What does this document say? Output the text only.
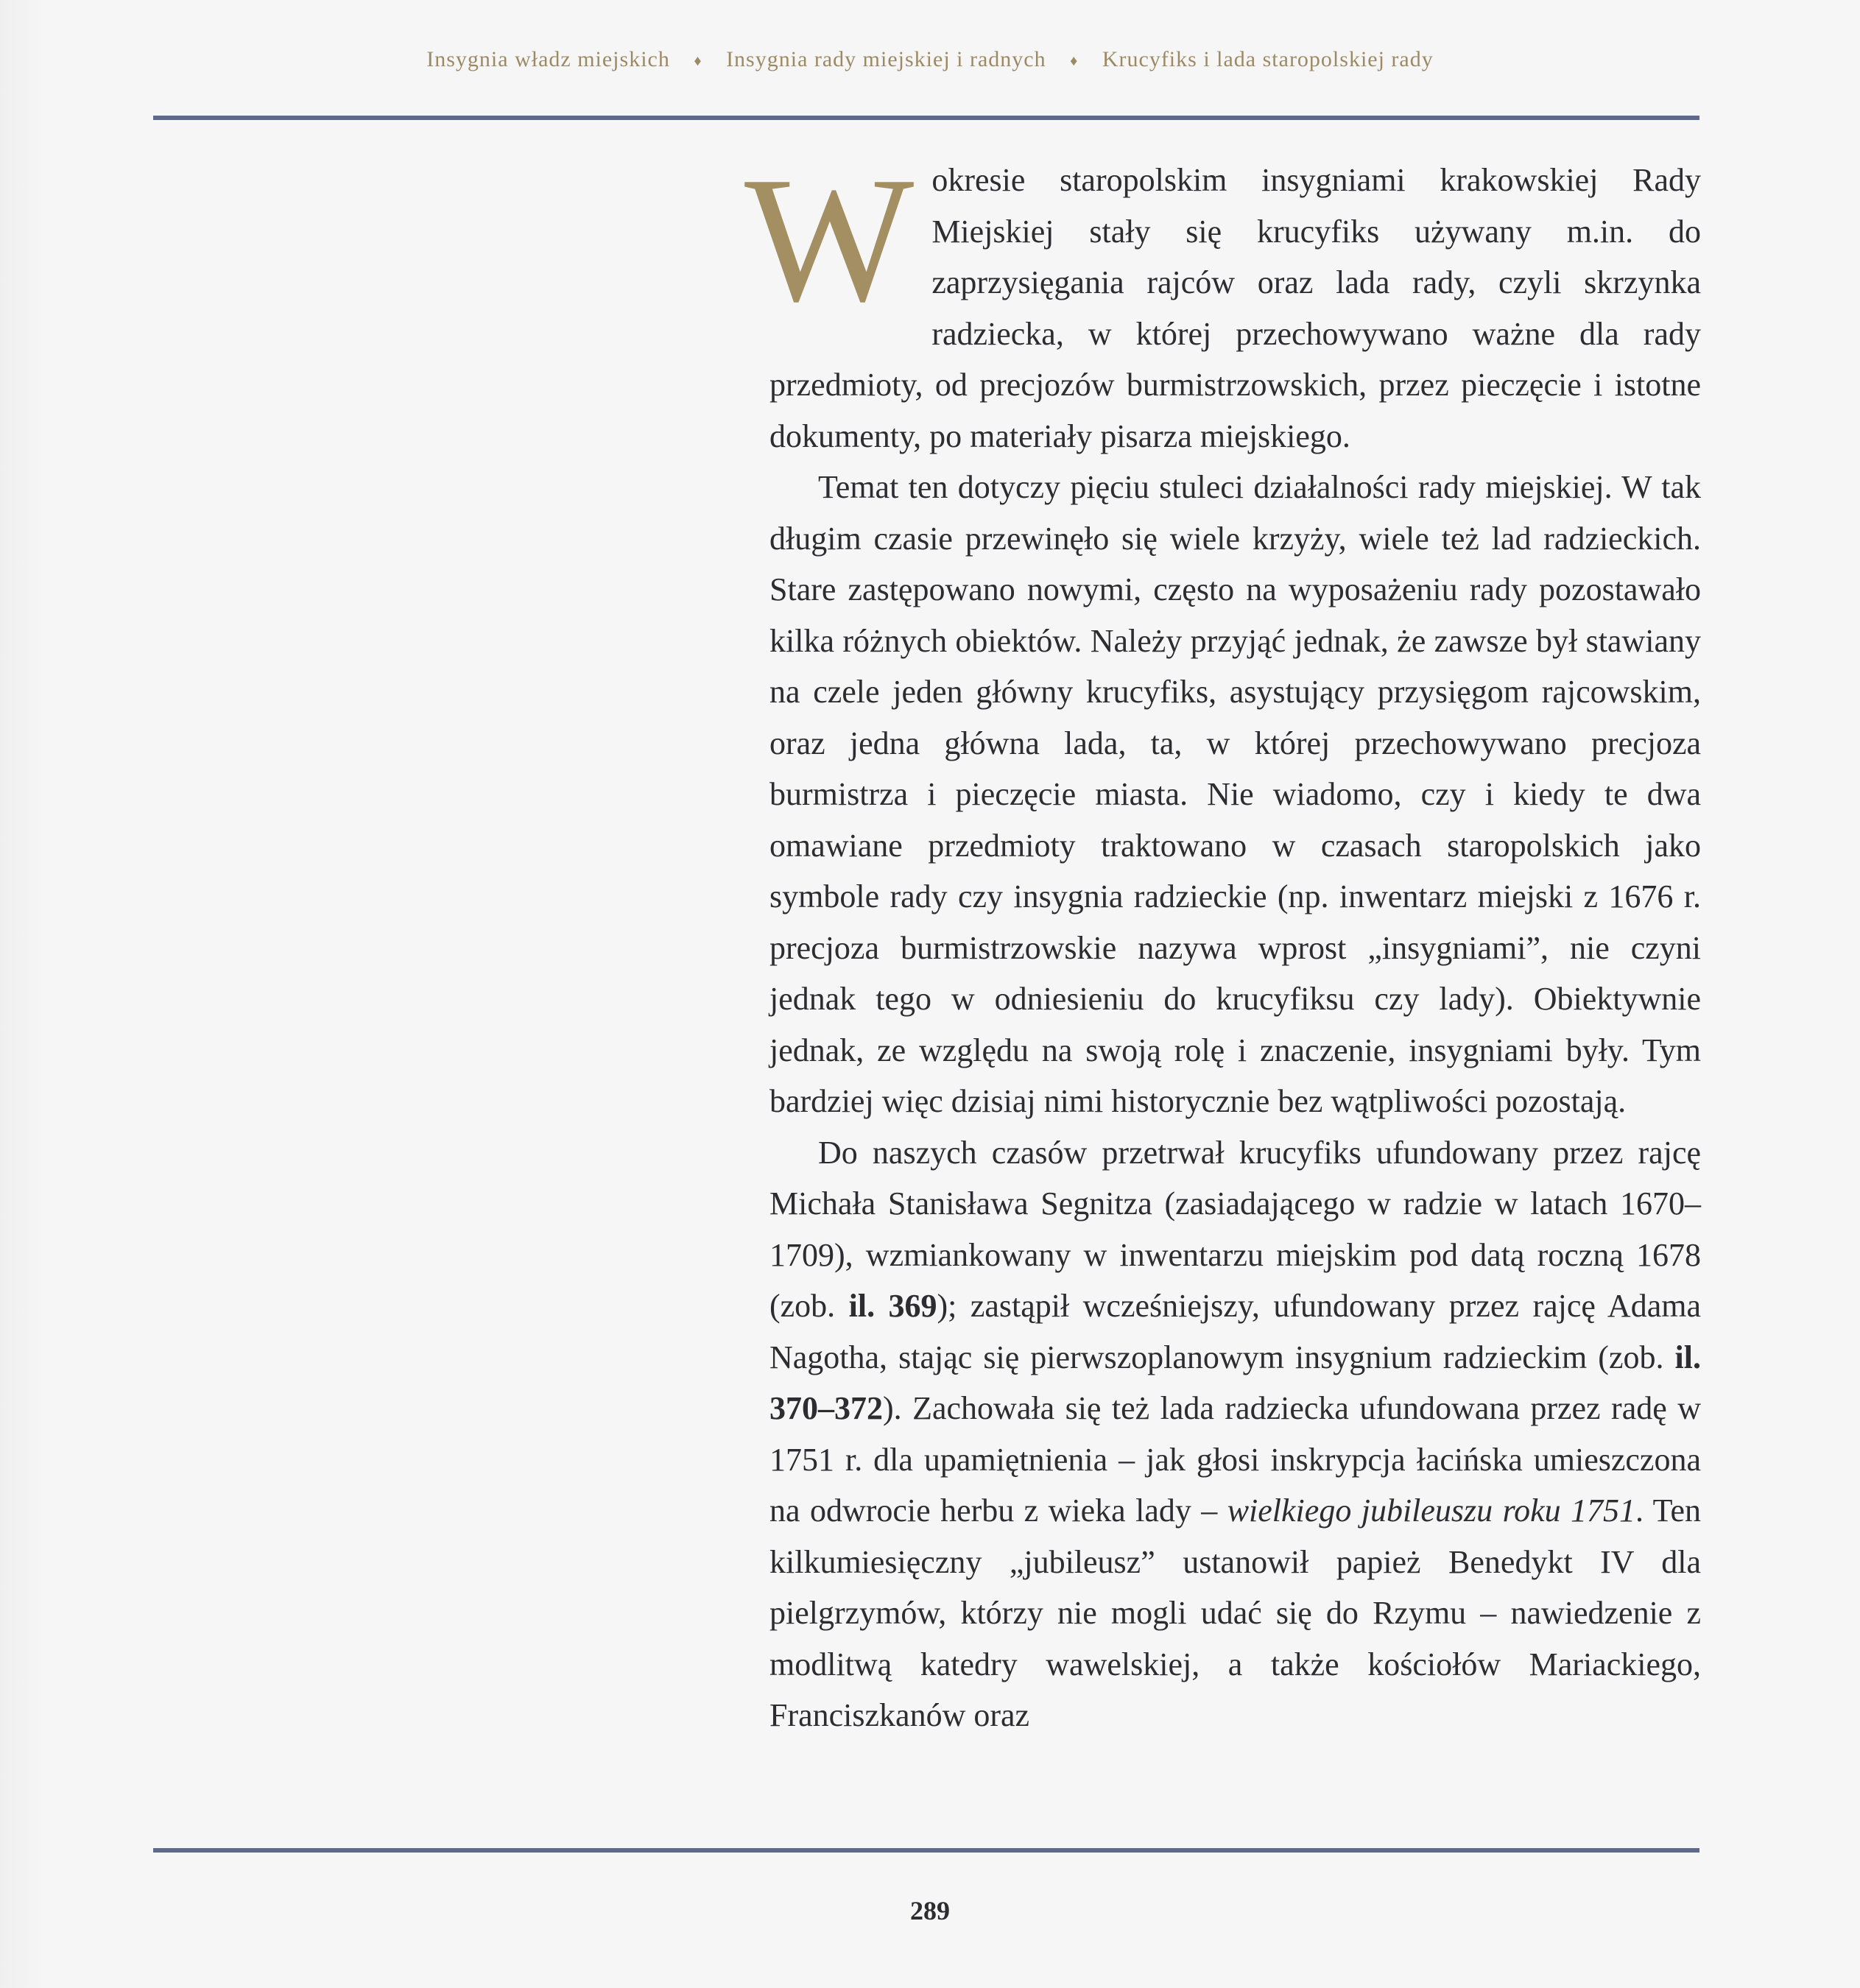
Insygnia władz miejskich ♦ Insygnia rady miejskiej i radnych ♦ Krucyfiks i lada staropolskiej rady

W okresie staropolskim insygniami krakowskiej Rady Miejskiej stały się krucyfiks używany m.in. do zaprzysięgania rajców oraz lada rady, czyli skrzynka radziecka, w której przechowywano ważne dla rady przedmioty, od precjozów burmistrzowskich, przez pieczęcie i istotne dokumenty, po materiały pisarza miejskiego.

Temat ten dotyczy pięciu stuleci działalności rady miejskiej. W tak długim czasie przewinęło się wiele krzyży, wiele też lad radzieckich. Stare zastępowano nowymi, często na wyposażeniu rady pozostawało kilka różnych obiektów. Należy przyjąć jednak, że zawsze był stawiany na czele jeden główny krucyfiks, asystujący przysięgom rajcowskim, oraz jedna główna lada, ta, w której przechowywano precjoza burmistrza i pieczęcie miasta. Nie wiadomo, czy i kiedy te dwa omawiane przedmioty traktowano w czasach staropolskich jako symbole rady czy insygnia radzieckie (np. inwentarz miejski z 1676 r. precjoza burmistrzowskie nazywa wprost „insygniami”, nie czyni jednak tego w odniesieniu do krucyfiksu czy lady). Obiektywnie jednak, ze względu na swoją rolę i znaczenie, insygniami były. Tym bardziej więc dzisiaj nimi historycznie bez wątpliwości pozostają.

Do naszych czasów przetrwał krucyfiks ufundowany przez rajcę Michała Stanisława Segnitza (zasiadającego w radzie w latach 1670–1709), wzmiankowany w inwentarzu miejskim pod datą roczną 1678 (zob. il. 369); zastąpił wcześniejszy, ufundowany przez rajcę Adama Nagotha, stając się pierwszoplanowym insygnium radzieckim (zob. il. 370–372). Zachowała się też lada radziecka ufundowana przez radę w 1751 r. dla upamiętnienia – jak głosi inskrypcja łacińska umieszczona na odwrocie herbu z wieka lady – wielkiego jubileuszu roku 1751. Ten kilkumiesięczny „jubileusz” ustanowił papież Benedykt IV dla pielgrzymów, którzy nie mogli udać się do Rzymu – nawiedzenie z modlitwą katedry wawelskiej, a także kościołów Mariackiego, Franciszkanów oraz

289
